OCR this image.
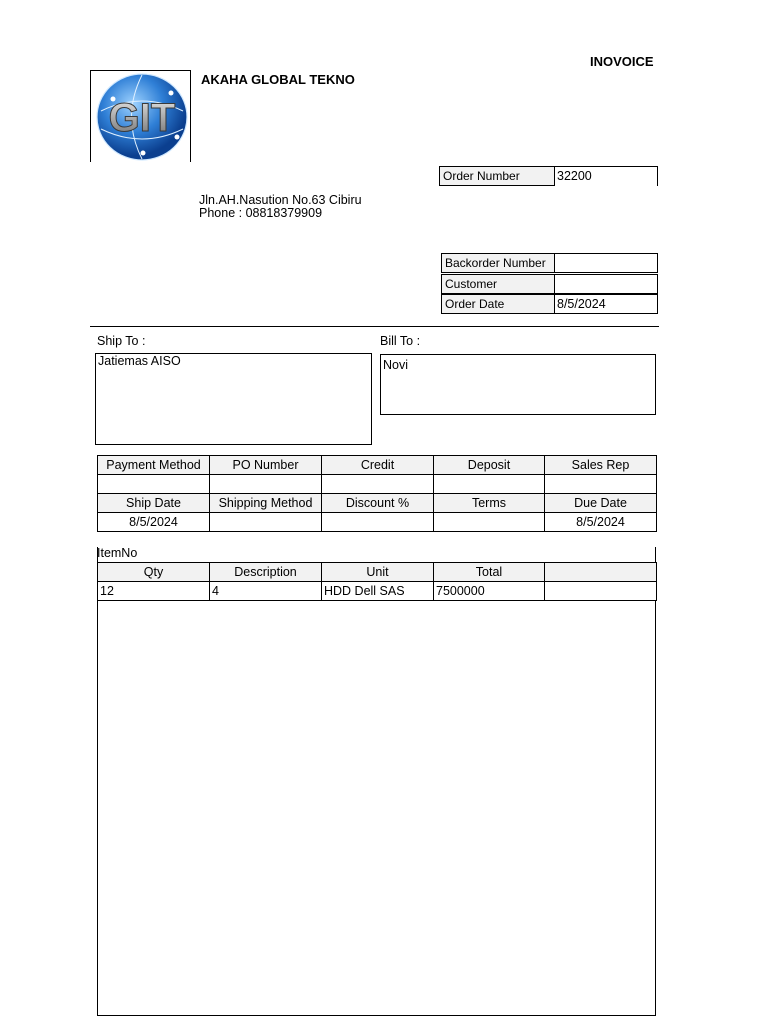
INOVOICE
GIT
AKAHA GLOBAL TEKNO
Jln.AH.Nasution No.63 Cibiru
Phone : 08818379909
Order Number	32200
Backorder Number
Customer
Order Date	8/5/2024
Ship To :
Jatiemas AISO
Bill To :
Novi
Payment Method	PO Number	Credit	Deposit	Sales Rep

Ship Date	Shipping Method	Discount %	Terms	Due Date
8/5/2024				8/5/2024
ItemNo
Qty	Description	Unit	Total	
12	4	HDD Dell SAS	7500000	
